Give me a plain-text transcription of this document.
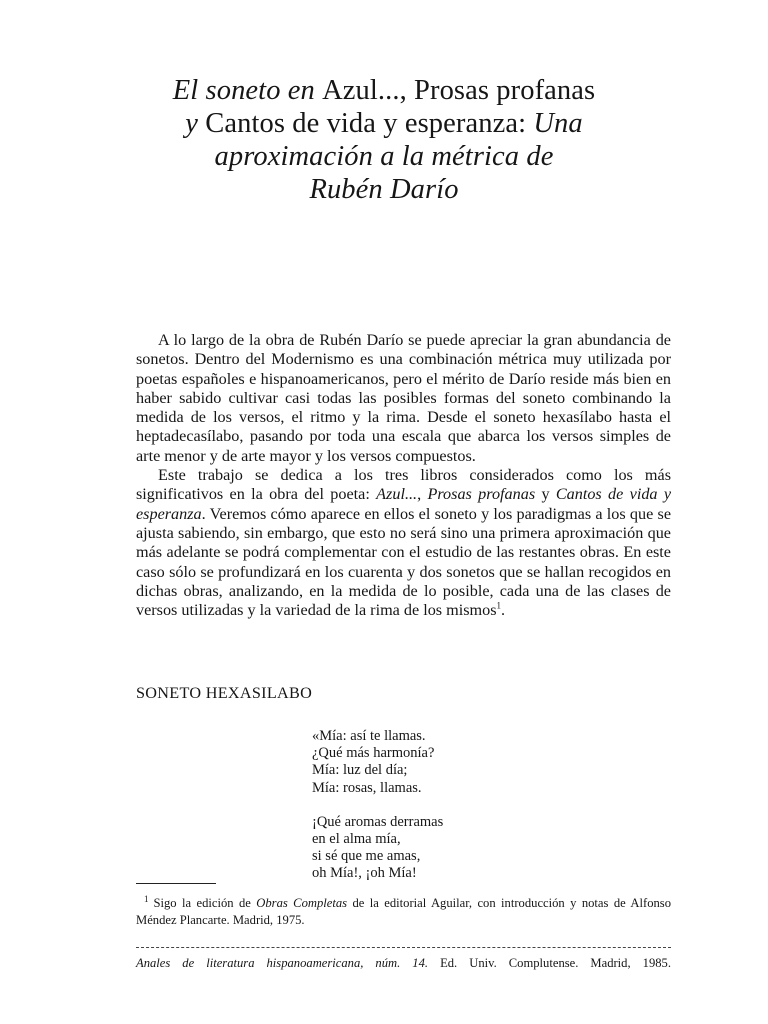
El soneto en Azul..., Prosas profanas
y Cantos de vida y esperanza: Una
aproximación a la métrica de
Rubén Darío

A lo largo de la obra de Rubén Darío se puede apreciar la gran abundancia de sonetos. Dentro del Modernismo es una combinación métrica muy utilizada por poetas españoles e hispanoamericanos, pero el mérito de Darío reside más bien en haber sabido cultivar casi todas las posibles formas del soneto combinando la medida de los versos, el ritmo y la rima. Desde el soneto hexasílabo hasta el heptadecasílabo, pasando por toda una escala que abarca los versos simples de arte menor y de arte mayor y los versos compuestos.

Este trabajo se dedica a los tres libros considerados como los más significativos en la obra del poeta: Azul..., Prosas profanas y Cantos de vida y esperanza. Veremos cómo aparece en ellos el soneto y los paradigmas a los que se ajusta sabiendo, sin embargo, que esto no será sino una primera aproximación que más adelante se podrá complementar con el estudio de las restantes obras. En este caso sólo se profundizará en los cuarenta y dos sonetos que se hallan recogidos en dichas obras, analizando, en la medida de lo posible, cada una de las clases de versos utilizadas y la variedad de la rima de los mismos$^1$.

SONETO HEXASILABO
«Mía: así te llamas.
¿Qué más harmonía?
Mía: luz del día;
Mía: rosas, llamas.
¡Qué aromas derramas
en el alma mía,
si sé que me amas,
oh Mía!, ¡oh Mía!
$^1$ Sigo la edición de Obras Completas de la editorial Aguilar, con introducción y notas de Alfonso Méndez Plancarte. Madrid, 1975.
Anales de literatura hispanoamericana, núm. 14. Ed. Univ. Complutense. Madrid, 1985.
